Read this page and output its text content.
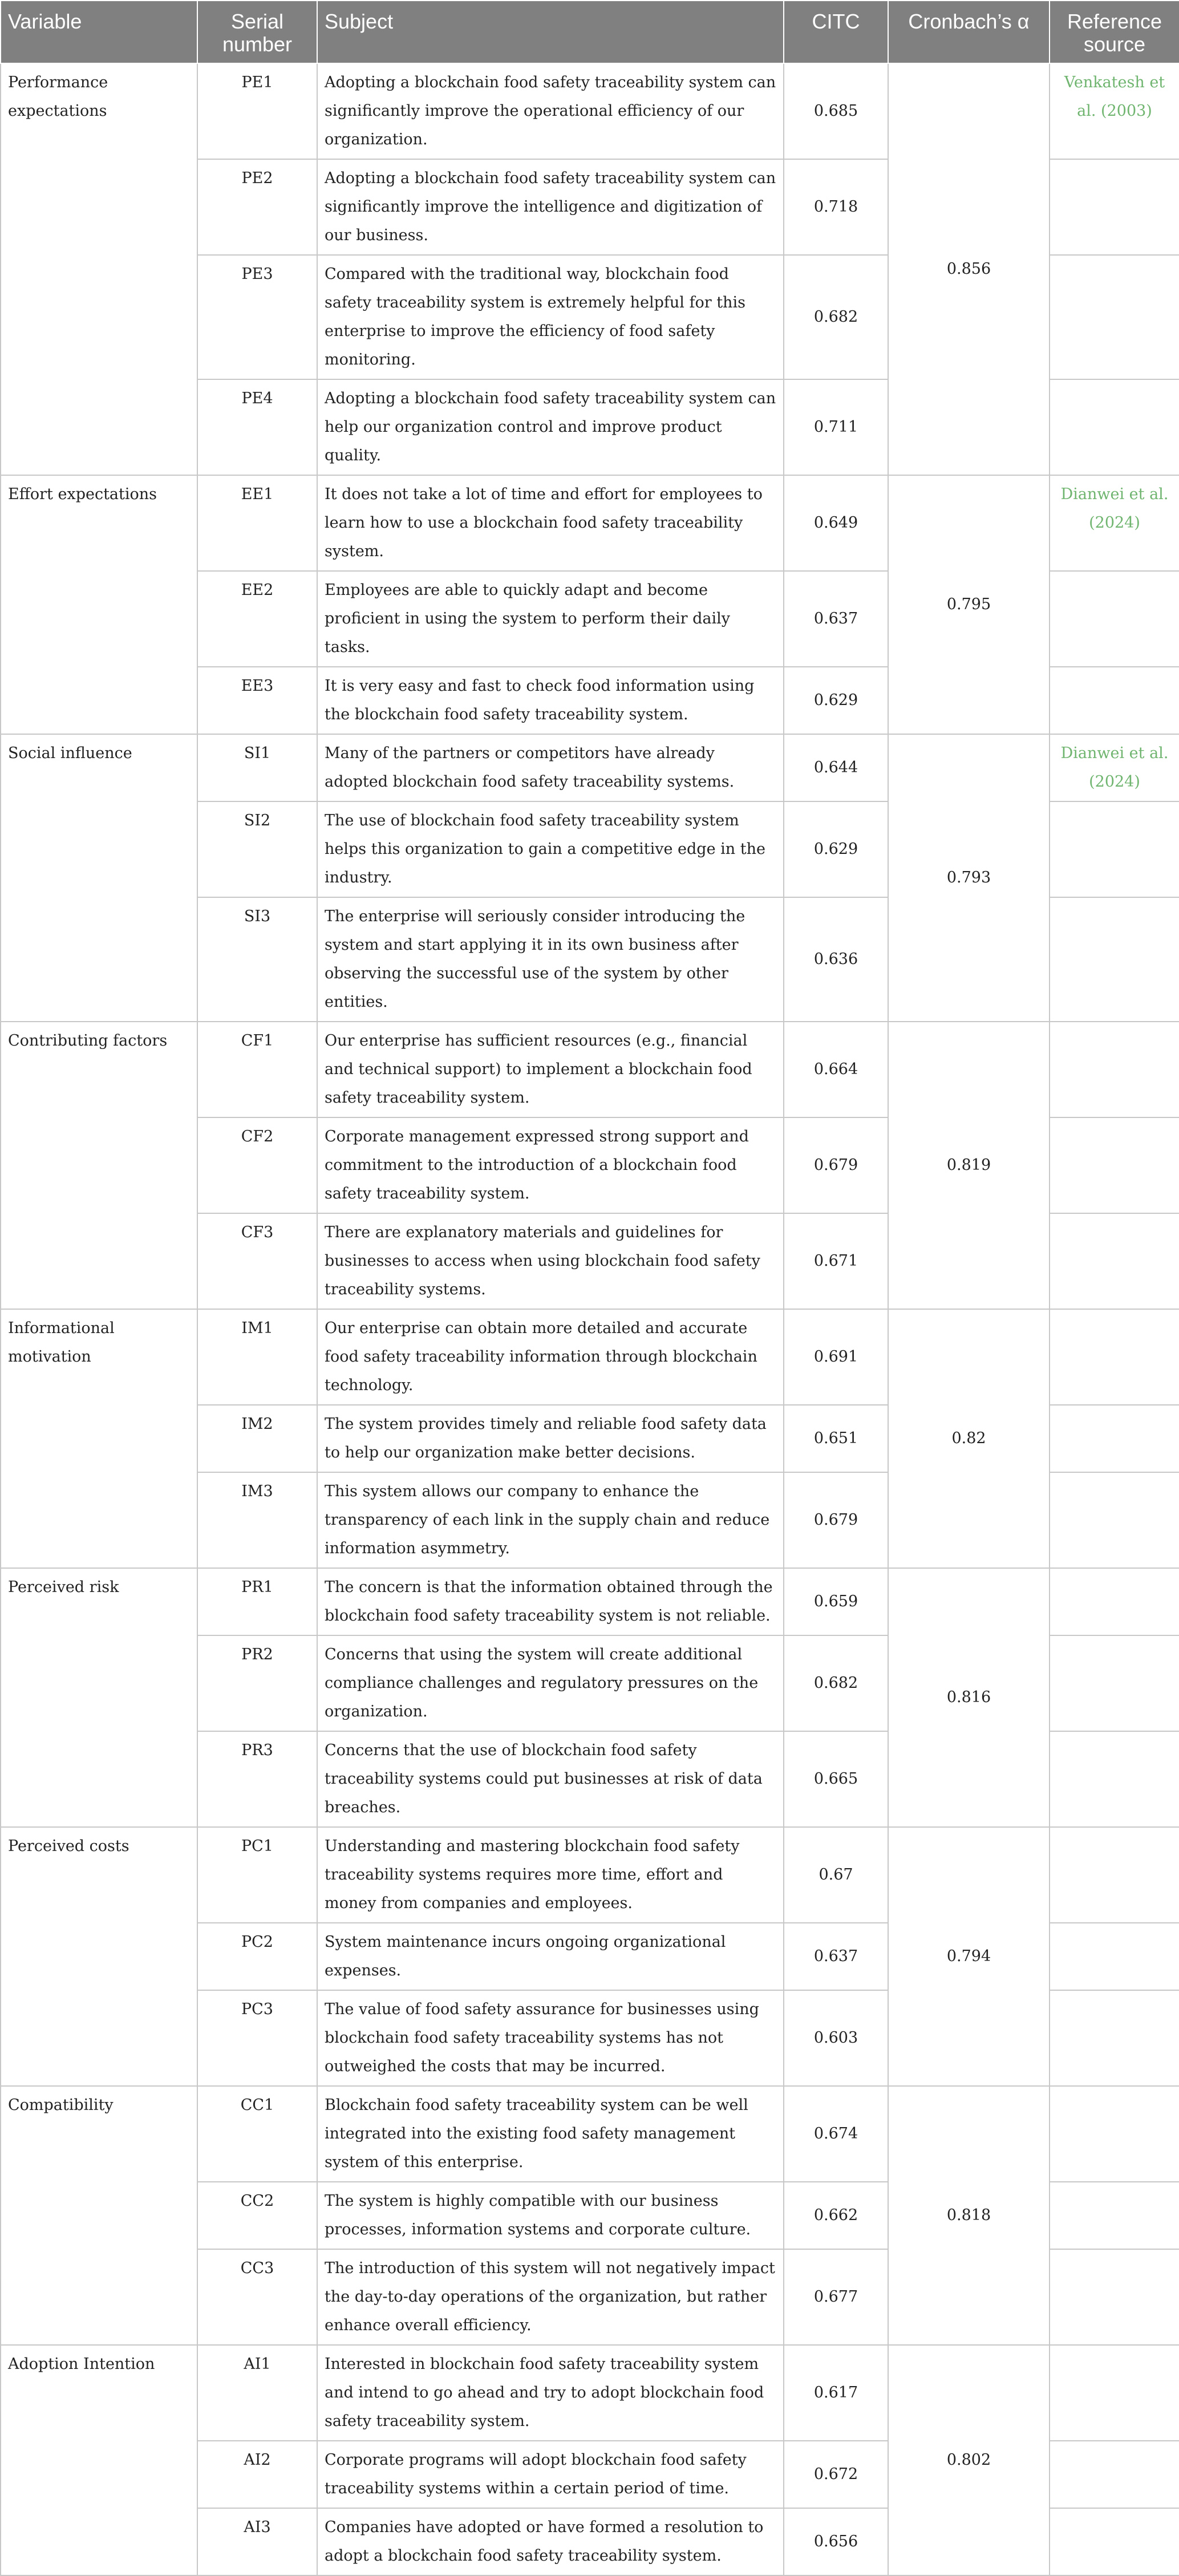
Variable	Serial number	Subject	CITC	Cronbach’s α	Reference source
Performance expectations	PE1	Adopting a blockchain food safety traceability system can significantly improve the operational efficiency of our organization.	0.685	0.856	Venkatesh et al. (2003)
	PE2	Adopting a blockchain food safety traceability system can significantly improve the intelligence and digitization of our business.	0.718		
	PE3	Compared with the traditional way, blockchain food safety traceability system is extremely helpful for this enterprise to improve the efficiency of food safety monitoring.	0.682		
	PE4	Adopting a blockchain food safety traceability system can help our organization control and improve product quality.	0.711		
Effort expectations	EE1	It does not take a lot of time and effort for employees to learn how to use a blockchain food safety traceability system.	0.649	0.795	Dianwei et al. (2024)
	EE2	Employees are able to quickly adapt and become proficient in using the system to perform their daily tasks.	0.637		
	EE3	It is very easy and fast to check food information using the blockchain food safety traceability system.	0.629		
Social influence	SI1	Many of the partners or competitors have already adopted blockchain food safety traceability systems.	0.644	0.793	Dianwei et al. (2024)
	SI2	The use of blockchain food safety traceability system helps this organization to gain a competitive edge in the industry.	0.629		
	SI3	The enterprise will seriously consider introducing the system and start applying it in its own business after observing the successful use of the system by other entities.	0.636		
Contributing factors	CF1	Our enterprise has sufficient resources (e.g., financial and technical support) to implement a blockchain food safety traceability system.	0.664	0.819	
	CF2	Corporate management expressed strong support and commitment to the introduction of a blockchain food safety traceability system.	0.679		
	CF3	There are explanatory materials and guidelines for businesses to access when using blockchain food safety traceability systems.	0.671		
Informational motivation	IM1	Our enterprise can obtain more detailed and accurate food safety traceability information through blockchain technology.	0.691	0.82	
	IM2	The system provides timely and reliable food safety data to help our organization make better decisions.	0.651		
	IM3	This system allows our company to enhance the transparency of each link in the supply chain and reduce information asymmetry.	0.679		
Perceived risk	PR1	The concern is that the information obtained through the blockchain food safety traceability system is not reliable.	0.659	0.816	
	PR2	Concerns that using the system will create additional compliance challenges and regulatory pressures on the organization.	0.682		
	PR3	Concerns that the use of blockchain food safety traceability systems could put businesses at risk of data breaches.	0.665		
Perceived costs	PC1	Understanding and mastering blockchain food safety traceability systems requires more time, effort and money from companies and employees.	0.67	0.794	
	PC2	System maintenance incurs ongoing organizational expenses.	0.637		
	PC3	The value of food safety assurance for businesses using blockchain food safety traceability systems has not outweighed the costs that may be incurred.	0.603		
Compatibility	CC1	Blockchain food safety traceability system can be well integrated into the existing food safety management system of this enterprise.	0.674	0.818	
	CC2	The system is highly compatible with our business processes, information systems and corporate culture.	0.662		
	CC3	The introduction of this system will not negatively impact the day-to-day operations of the organization, but rather enhance overall efficiency.	0.677		
Adoption Intention	AI1	Interested in blockchain food safety traceability system and intend to go ahead and try to adopt blockchain food safety traceability system.	0.617	0.802	
	AI2	Corporate programs will adopt blockchain food safety traceability systems within a certain period of time.	0.672		
	AI3	Companies have adopted or have formed a resolution to adopt a blockchain food safety traceability system.	0.656		
